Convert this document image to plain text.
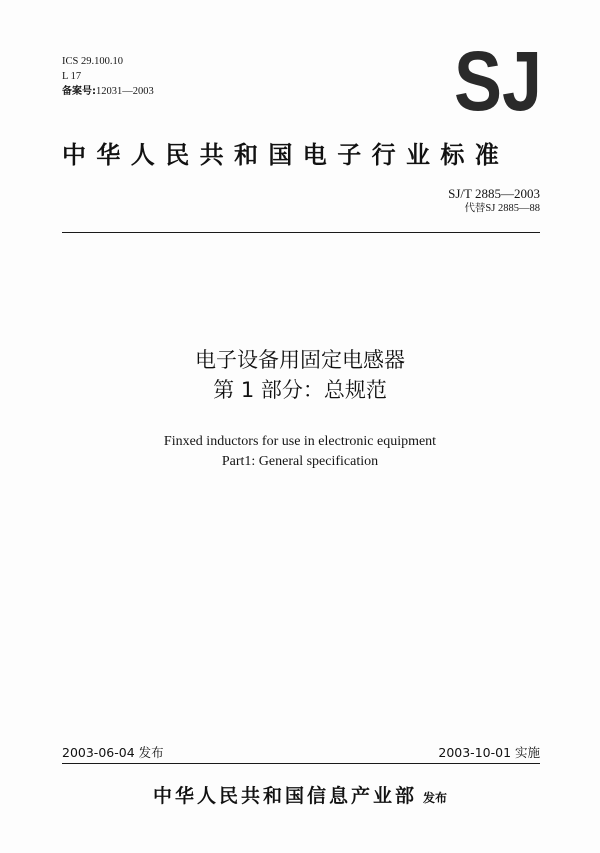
ICS 29.100.10
L 17
备案号:12031—2003	SJ
中华人民共和国电子行业标准
SJ/T 2885—2003
代替SJ 2885—88
电子设备用固定电感器
第 1 部分：总规范
Finxed inductors for use in electronic equipment
Part1: General specification
2003-06-04 发布	2003-10-01 实施
中华人民共和国信息产业部 发布
